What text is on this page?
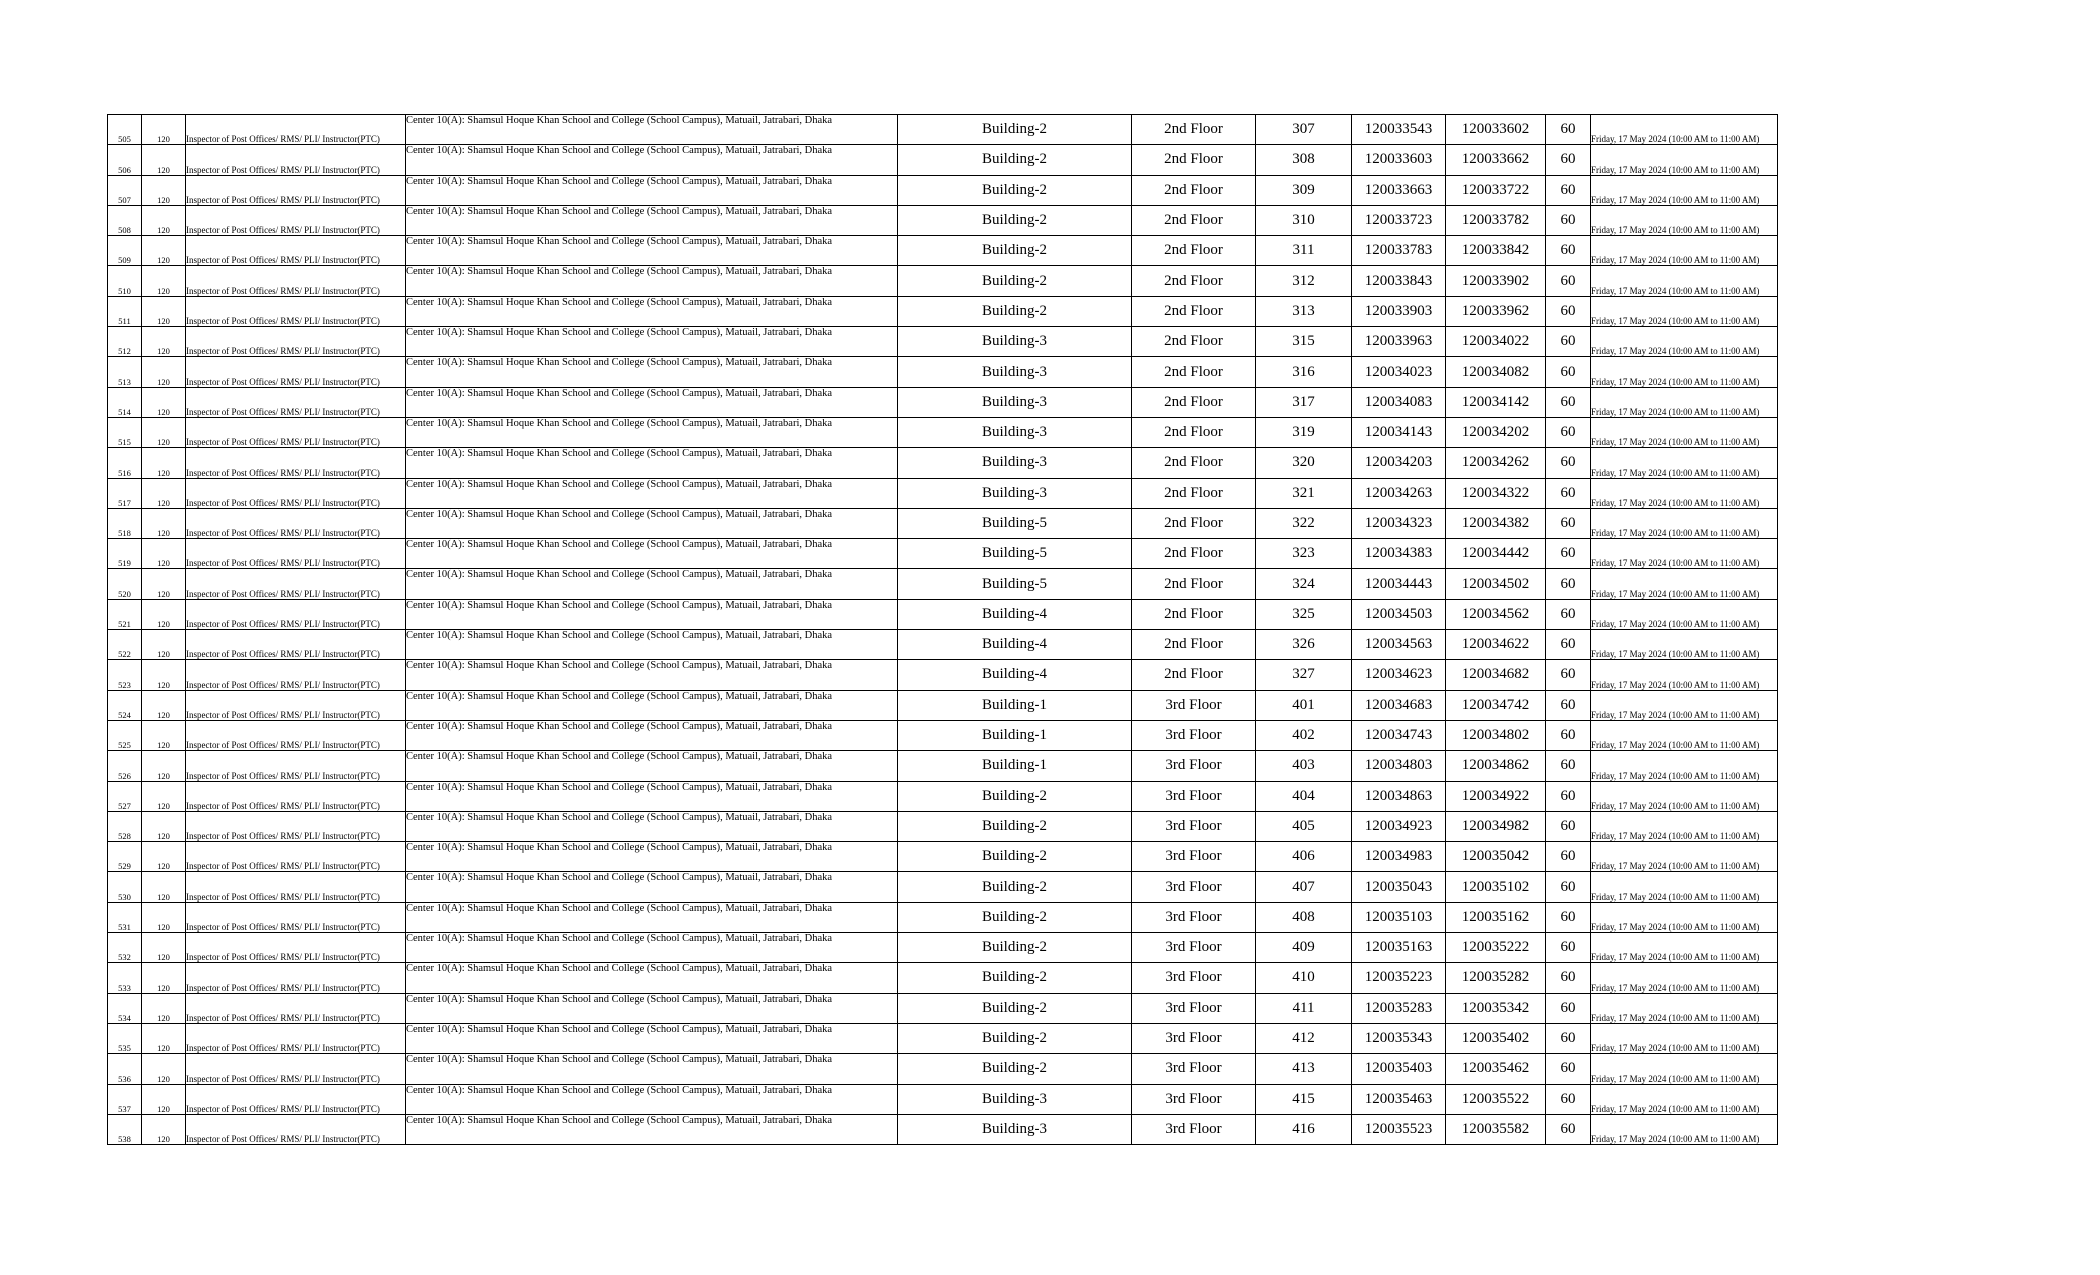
505	120	Inspector of Post Offices/ RMS/ PLI/ Instructor(PTC)	Center 10(A): Shamsul Hoque Khan School and College (School Campus), Matuail, Jatrabari, Dhaka	Building-2	2nd Floor	307	120033543	120033602	60	Friday, 17 May 2024 (10:00 AM to 11:00 AM)
506	120	Inspector of Post Offices/ RMS/ PLI/ Instructor(PTC)	Center 10(A): Shamsul Hoque Khan School and College (School Campus), Matuail, Jatrabari, Dhaka	Building-2	2nd Floor	308	120033603	120033662	60	Friday, 17 May 2024 (10:00 AM to 11:00 AM)
507	120	Inspector of Post Offices/ RMS/ PLI/ Instructor(PTC)	Center 10(A): Shamsul Hoque Khan School and College (School Campus), Matuail, Jatrabari, Dhaka	Building-2	2nd Floor	309	120033663	120033722	60	Friday, 17 May 2024 (10:00 AM to 11:00 AM)
508	120	Inspector of Post Offices/ RMS/ PLI/ Instructor(PTC)	Center 10(A): Shamsul Hoque Khan School and College (School Campus), Matuail, Jatrabari, Dhaka	Building-2	2nd Floor	310	120033723	120033782	60	Friday, 17 May 2024 (10:00 AM to 11:00 AM)
509	120	Inspector of Post Offices/ RMS/ PLI/ Instructor(PTC)	Center 10(A): Shamsul Hoque Khan School and College (School Campus), Matuail, Jatrabari, Dhaka	Building-2	2nd Floor	311	120033783	120033842	60	Friday, 17 May 2024 (10:00 AM to 11:00 AM)
510	120	Inspector of Post Offices/ RMS/ PLI/ Instructor(PTC)	Center 10(A): Shamsul Hoque Khan School and College (School Campus), Matuail, Jatrabari, Dhaka	Building-2	2nd Floor	312	120033843	120033902	60	Friday, 17 May 2024 (10:00 AM to 11:00 AM)
511	120	Inspector of Post Offices/ RMS/ PLI/ Instructor(PTC)	Center 10(A): Shamsul Hoque Khan School and College (School Campus), Matuail, Jatrabari, Dhaka	Building-2	2nd Floor	313	120033903	120033962	60	Friday, 17 May 2024 (10:00 AM to 11:00 AM)
512	120	Inspector of Post Offices/ RMS/ PLI/ Instructor(PTC)	Center 10(A): Shamsul Hoque Khan School and College (School Campus), Matuail, Jatrabari, Dhaka	Building-3	2nd Floor	315	120033963	120034022	60	Friday, 17 May 2024 (10:00 AM to 11:00 AM)
513	120	Inspector of Post Offices/ RMS/ PLI/ Instructor(PTC)	Center 10(A): Shamsul Hoque Khan School and College (School Campus), Matuail, Jatrabari, Dhaka	Building-3	2nd Floor	316	120034023	120034082	60	Friday, 17 May 2024 (10:00 AM to 11:00 AM)
514	120	Inspector of Post Offices/ RMS/ PLI/ Instructor(PTC)	Center 10(A): Shamsul Hoque Khan School and College (School Campus), Matuail, Jatrabari, Dhaka	Building-3	2nd Floor	317	120034083	120034142	60	Friday, 17 May 2024 (10:00 AM to 11:00 AM)
515	120	Inspector of Post Offices/ RMS/ PLI/ Instructor(PTC)	Center 10(A): Shamsul Hoque Khan School and College (School Campus), Matuail, Jatrabari, Dhaka	Building-3	2nd Floor	319	120034143	120034202	60	Friday, 17 May 2024 (10:00 AM to 11:00 AM)
516	120	Inspector of Post Offices/ RMS/ PLI/ Instructor(PTC)	Center 10(A): Shamsul Hoque Khan School and College (School Campus), Matuail, Jatrabari, Dhaka	Building-3	2nd Floor	320	120034203	120034262	60	Friday, 17 May 2024 (10:00 AM to 11:00 AM)
517	120	Inspector of Post Offices/ RMS/ PLI/ Instructor(PTC)	Center 10(A): Shamsul Hoque Khan School and College (School Campus), Matuail, Jatrabari, Dhaka	Building-3	2nd Floor	321	120034263	120034322	60	Friday, 17 May 2024 (10:00 AM to 11:00 AM)
518	120	Inspector of Post Offices/ RMS/ PLI/ Instructor(PTC)	Center 10(A): Shamsul Hoque Khan School and College (School Campus), Matuail, Jatrabari, Dhaka	Building-5	2nd Floor	322	120034323	120034382	60	Friday, 17 May 2024 (10:00 AM to 11:00 AM)
519	120	Inspector of Post Offices/ RMS/ PLI/ Instructor(PTC)	Center 10(A): Shamsul Hoque Khan School and College (School Campus), Matuail, Jatrabari, Dhaka	Building-5	2nd Floor	323	120034383	120034442	60	Friday, 17 May 2024 (10:00 AM to 11:00 AM)
520	120	Inspector of Post Offices/ RMS/ PLI/ Instructor(PTC)	Center 10(A): Shamsul Hoque Khan School and College (School Campus), Matuail, Jatrabari, Dhaka	Building-5	2nd Floor	324	120034443	120034502	60	Friday, 17 May 2024 (10:00 AM to 11:00 AM)
521	120	Inspector of Post Offices/ RMS/ PLI/ Instructor(PTC)	Center 10(A): Shamsul Hoque Khan School and College (School Campus), Matuail, Jatrabari, Dhaka	Building-4	2nd Floor	325	120034503	120034562	60	Friday, 17 May 2024 (10:00 AM to 11:00 AM)
522	120	Inspector of Post Offices/ RMS/ PLI/ Instructor(PTC)	Center 10(A): Shamsul Hoque Khan School and College (School Campus), Matuail, Jatrabari, Dhaka	Building-4	2nd Floor	326	120034563	120034622	60	Friday, 17 May 2024 (10:00 AM to 11:00 AM)
523	120	Inspector of Post Offices/ RMS/ PLI/ Instructor(PTC)	Center 10(A): Shamsul Hoque Khan School and College (School Campus), Matuail, Jatrabari, Dhaka	Building-4	2nd Floor	327	120034623	120034682	60	Friday, 17 May 2024 (10:00 AM to 11:00 AM)
524	120	Inspector of Post Offices/ RMS/ PLI/ Instructor(PTC)	Center 10(A): Shamsul Hoque Khan School and College (School Campus), Matuail, Jatrabari, Dhaka	Building-1	3rd Floor	401	120034683	120034742	60	Friday, 17 May 2024 (10:00 AM to 11:00 AM)
525	120	Inspector of Post Offices/ RMS/ PLI/ Instructor(PTC)	Center 10(A): Shamsul Hoque Khan School and College (School Campus), Matuail, Jatrabari, Dhaka	Building-1	3rd Floor	402	120034743	120034802	60	Friday, 17 May 2024 (10:00 AM to 11:00 AM)
526	120	Inspector of Post Offices/ RMS/ PLI/ Instructor(PTC)	Center 10(A): Shamsul Hoque Khan School and College (School Campus), Matuail, Jatrabari, Dhaka	Building-1	3rd Floor	403	120034803	120034862	60	Friday, 17 May 2024 (10:00 AM to 11:00 AM)
527	120	Inspector of Post Offices/ RMS/ PLI/ Instructor(PTC)	Center 10(A): Shamsul Hoque Khan School and College (School Campus), Matuail, Jatrabari, Dhaka	Building-2	3rd Floor	404	120034863	120034922	60	Friday, 17 May 2024 (10:00 AM to 11:00 AM)
528	120	Inspector of Post Offices/ RMS/ PLI/ Instructor(PTC)	Center 10(A): Shamsul Hoque Khan School and College (School Campus), Matuail, Jatrabari, Dhaka	Building-2	3rd Floor	405	120034923	120034982	60	Friday, 17 May 2024 (10:00 AM to 11:00 AM)
529	120	Inspector of Post Offices/ RMS/ PLI/ Instructor(PTC)	Center 10(A): Shamsul Hoque Khan School and College (School Campus), Matuail, Jatrabari, Dhaka	Building-2	3rd Floor	406	120034983	120035042	60	Friday, 17 May 2024 (10:00 AM to 11:00 AM)
530	120	Inspector of Post Offices/ RMS/ PLI/ Instructor(PTC)	Center 10(A): Shamsul Hoque Khan School and College (School Campus), Matuail, Jatrabari, Dhaka	Building-2	3rd Floor	407	120035043	120035102	60	Friday, 17 May 2024 (10:00 AM to 11:00 AM)
531	120	Inspector of Post Offices/ RMS/ PLI/ Instructor(PTC)	Center 10(A): Shamsul Hoque Khan School and College (School Campus), Matuail, Jatrabari, Dhaka	Building-2	3rd Floor	408	120035103	120035162	60	Friday, 17 May 2024 (10:00 AM to 11:00 AM)
532	120	Inspector of Post Offices/ RMS/ PLI/ Instructor(PTC)	Center 10(A): Shamsul Hoque Khan School and College (School Campus), Matuail, Jatrabari, Dhaka	Building-2	3rd Floor	409	120035163	120035222	60	Friday, 17 May 2024 (10:00 AM to 11:00 AM)
533	120	Inspector of Post Offices/ RMS/ PLI/ Instructor(PTC)	Center 10(A): Shamsul Hoque Khan School and College (School Campus), Matuail, Jatrabari, Dhaka	Building-2	3rd Floor	410	120035223	120035282	60	Friday, 17 May 2024 (10:00 AM to 11:00 AM)
534	120	Inspector of Post Offices/ RMS/ PLI/ Instructor(PTC)	Center 10(A): Shamsul Hoque Khan School and College (School Campus), Matuail, Jatrabari, Dhaka	Building-2	3rd Floor	411	120035283	120035342	60	Friday, 17 May 2024 (10:00 AM to 11:00 AM)
535	120	Inspector of Post Offices/ RMS/ PLI/ Instructor(PTC)	Center 10(A): Shamsul Hoque Khan School and College (School Campus), Matuail, Jatrabari, Dhaka	Building-2	3rd Floor	412	120035343	120035402	60	Friday, 17 May 2024 (10:00 AM to 11:00 AM)
536	120	Inspector of Post Offices/ RMS/ PLI/ Instructor(PTC)	Center 10(A): Shamsul Hoque Khan School and College (School Campus), Matuail, Jatrabari, Dhaka	Building-2	3rd Floor	413	120035403	120035462	60	Friday, 17 May 2024 (10:00 AM to 11:00 AM)
537	120	Inspector of Post Offices/ RMS/ PLI/ Instructor(PTC)	Center 10(A): Shamsul Hoque Khan School and College (School Campus), Matuail, Jatrabari, Dhaka	Building-3	3rd Floor	415	120035463	120035522	60	Friday, 17 May 2024 (10:00 AM to 11:00 AM)
538	120	Inspector of Post Offices/ RMS/ PLI/ Instructor(PTC)	Center 10(A): Shamsul Hoque Khan School and College (School Campus), Matuail, Jatrabari, Dhaka	Building-3	3rd Floor	416	120035523	120035582	60	Friday, 17 May 2024 (10:00 AM to 11:00 AM)
